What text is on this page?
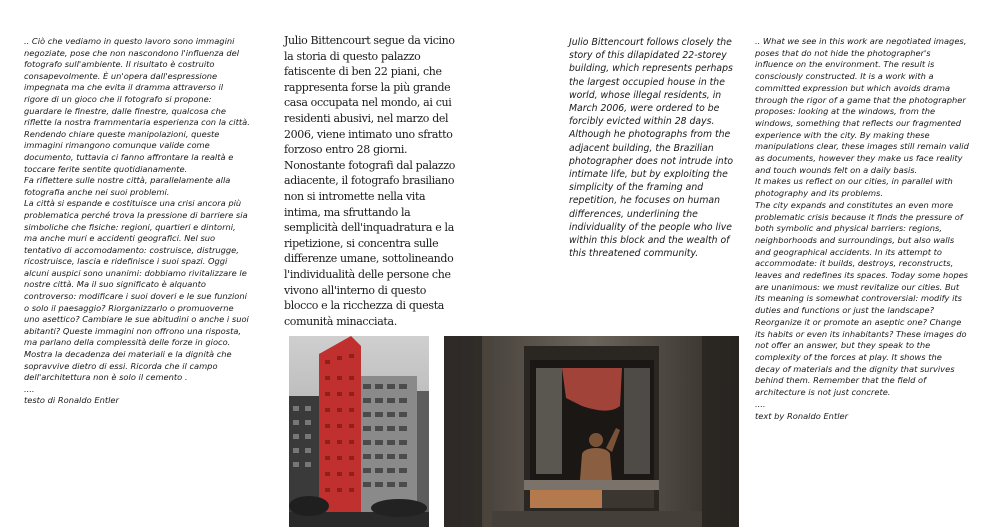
.. Ciò che vediamo in questo lavoro sono immagini negoziate, pose che non nascondono l'influenza del fotografo sull'ambiente. Il risultato è costruito consapevolmente. È un'opera dall'espressione impegnata ma che evita il dramma attraverso il rigore di un gioco che il fotografo si propone: guardare le finestre, dalle finestre, qualcosa che riflette la nostra frammentaria esperienza con la città. Rendendo chiare queste manipolazioni, queste immagini rimangono comunque valide come documento, tuttavia ci fanno affrontare la realtà e toccare ferite sentite quotidianamente.

Fa riflettere sulle nostre città, parallelamente alla fotografia anche nei suoi problemi.

La città si espande e costituisce una crisi ancora più problematica perché trova la pressione di barriere sia simboliche che fisiche: regioni, quartieri e dintorni, ma anche muri e accidenti geografici. Nel suo tentativo di accomodamento: costruisce, distrugge, ricostruisce, lascia e ridefinisce i suoi spazi. Oggi alcuni auspici sono unanimi: dobbiamo rivitalizzare le nostre città. Ma il suo significato è alquanto controverso: modificare i suoi doveri e le sue funzioni o solo il paesaggio? Riorganizzarlo o promuoverne uno asettico? Cambiare le sue abitudini o anche i suoi abitanti? Queste immagini non offrono una risposta, ma parlano della complessità delle forze in gioco. Mostra la decadenza dei materiali e la dignità che sopravvive dietro di essi. Ricorda che il campo dell'architettura non è solo il cemento .

....

testo di Ronaldo Entler

Julio Bittencourt segue da vicino la storia di questo palazzo fatiscente di ben 22 piani, che rappresenta forse la più grande casa occupata nel mondo, ai cui residenti abusivi, nel marzo del 2006, viene intimato uno sfratto forzoso entro 28 giorni. Nonostante fotografi dal palazzo adiacente, il fotografo brasiliano non si intromette nella vita intima, ma sfruttando la semplicità dell'inquadratura e la ripetizione, si concentra sulle differenze umane, sottolineando l'individualità delle persone che vivono all'interno di questo blocco e la ricchezza di questa comunità minacciata.

Julio Bittencourt follows closely the story of this dilapidated 22-storey building, which represents perhaps the largest occupied house in the world, whose illegal residents, in March 2006, were ordered to be forcibly evicted within 28 days. Although he photographs from the adjacent building, the Brazilian photographer does not intrude into intimate life, but by exploiting the simplicity of the framing and repetition, he focuses on human differences, underlining the individuality of the people who live within this block and the wealth of this threatened community.

.. What we see in this work are negotiated images, poses that do not hide the photographer's influence on the environment. The result is consciously constructed. It is a work with a committed expression but which avoids drama through the rigor of a game that the photographer proposes: looking at the windows, from the windows, something that reflects our fragmented experience with the city. By making these manipulations clear, these images still remain valid as documents, however they make us face reality and touch wounds felt on a daily basis.

It makes us reflect on our cities, in parallel with photography and its problems.

The city expands and constitutes an even more problematic crisis because it finds the pressure of both symbolic and physical barriers: regions, neighborhoods and surroundings, but also walls and geographical accidents. In its attempt to accommodate: it builds, destroys, reconstructs, leaves and redefines its spaces. Today some hopes are unanimous: we must revitalize our cities. But its meaning is somewhat controversial: modify its duties and functions or just the landscape? Reorganize it or promote an aseptic one? Change its habits or even its inhabitants? These images do not offer an answer, but they speak to the complexity of the forces at play. It shows the decay of materials and the dignity that survives behind them. Remember that the field of architecture is not just concrete.

....

text by Ronaldo Entler
